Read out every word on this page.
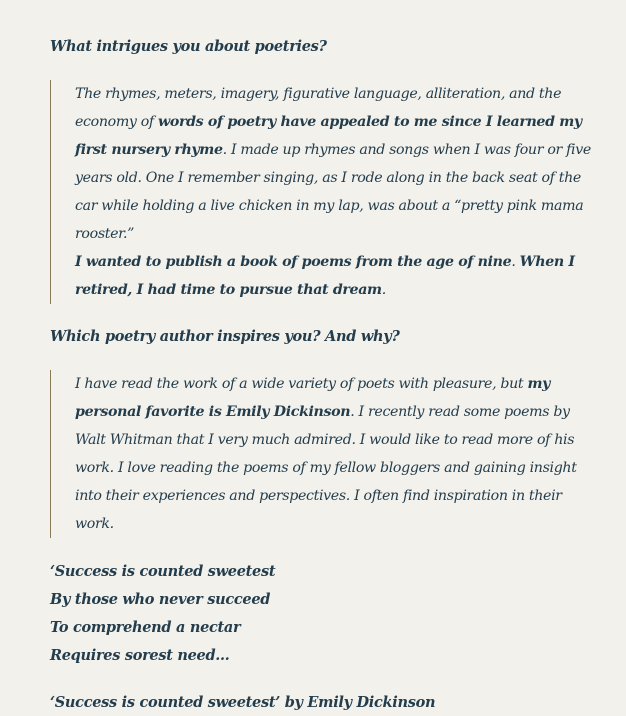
What intrigues you about poetries?

The rhymes, meters, imagery, figurative language, alliteration, and the economy of words of poetry have appealed to me since I learned my first nursery rhyme. I made up rhymes and songs when I was four or five years old. One I remember singing, as I rode along in the back seat of the car while holding a live chicken in my lap, was about a “pretty pink mama rooster.”

I wanted to publish a book of poems from the age of nine. When I retired, I had time to pursue that dream.

Which poetry author inspires you? And why?

I have read the work of a wide variety of poets with pleasure, but my personal favorite is Emily Dickinson. I recently read some poems by Walt Whitman that I very much admired. I would like to read more of his work. I love reading the poems of my fellow bloggers and gaining insight into their experiences and perspectives. I often find inspiration in their work.

‘Success is counted sweetest
By those who never succeed
To comprehend a nectar
Requires sorest need…
‘Success is counted sweetest’ by Emily Dickinson
